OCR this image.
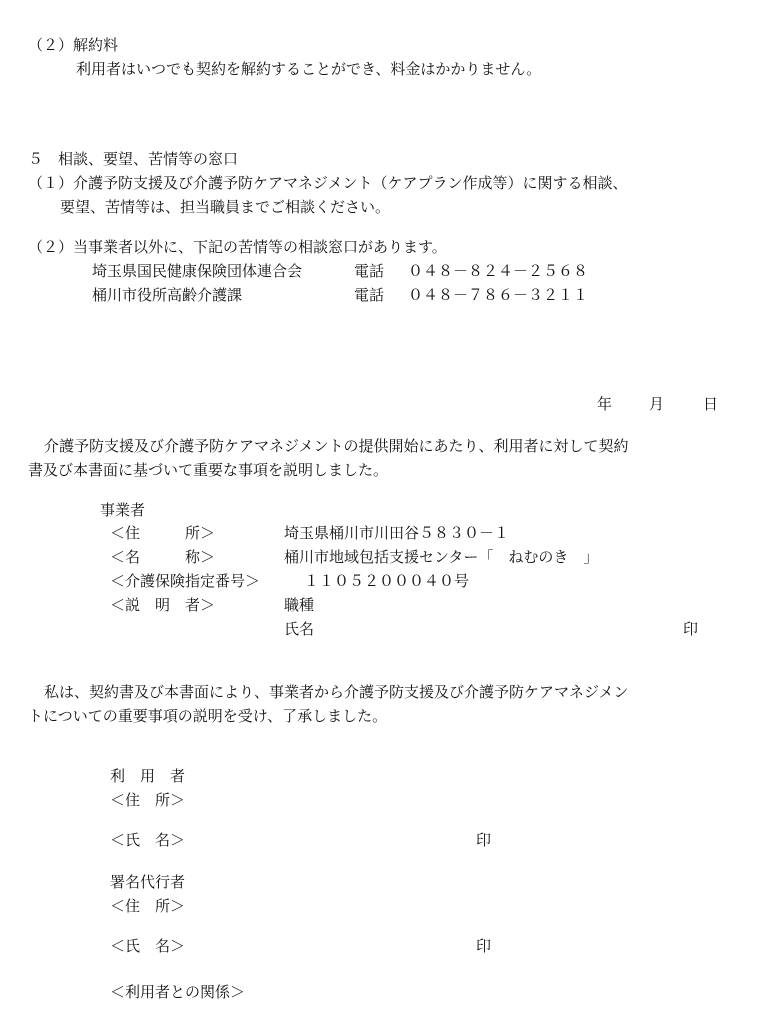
（２）解約料
利用者はいつでも契約を解約することができ、料金はかかりません。
５　相談、要望、苦情等の窓口
（１）介護予防支援及び介護予防ケアマネジメント（ケアプラン作成等）に関する相談、
要望、苦情等は、担当職員までご相談ください。
（２）当事業者以外に、下記の苦情等の相談窓口があります。
埼玉県国民健康保険団体連合会	電話 ０４８－８２４－２５６８
桶川市役所高齢介護課	電話 ０４８－７８６－３２１１
年 月	日
介護予防支援及び介護予防ケアマネジメントの提供開始にあたり、利用者に対して契約
書及び本書面に基づいて重要な事項を説明しました。
事業者
＜住　　　所＞	埼玉県桶川市川田谷５８３０－１
＜名　　　称＞	桶川市地域包括支援センター「　ねむのき　」
＜介護保険指定番号＞	１１０５２０００４０号
＜説　明　者＞	職種
氏名	印
私は、契約書及び本書面により、事業者から介護予防支援及び介護予防ケアマネジメン
トについての重要事項の説明を受け、了承しました。
利　用　者
＜住　所＞
＜氏　名＞	印
署名代行者
＜住　所＞
＜氏　名＞	印
＜利用者との関係＞
